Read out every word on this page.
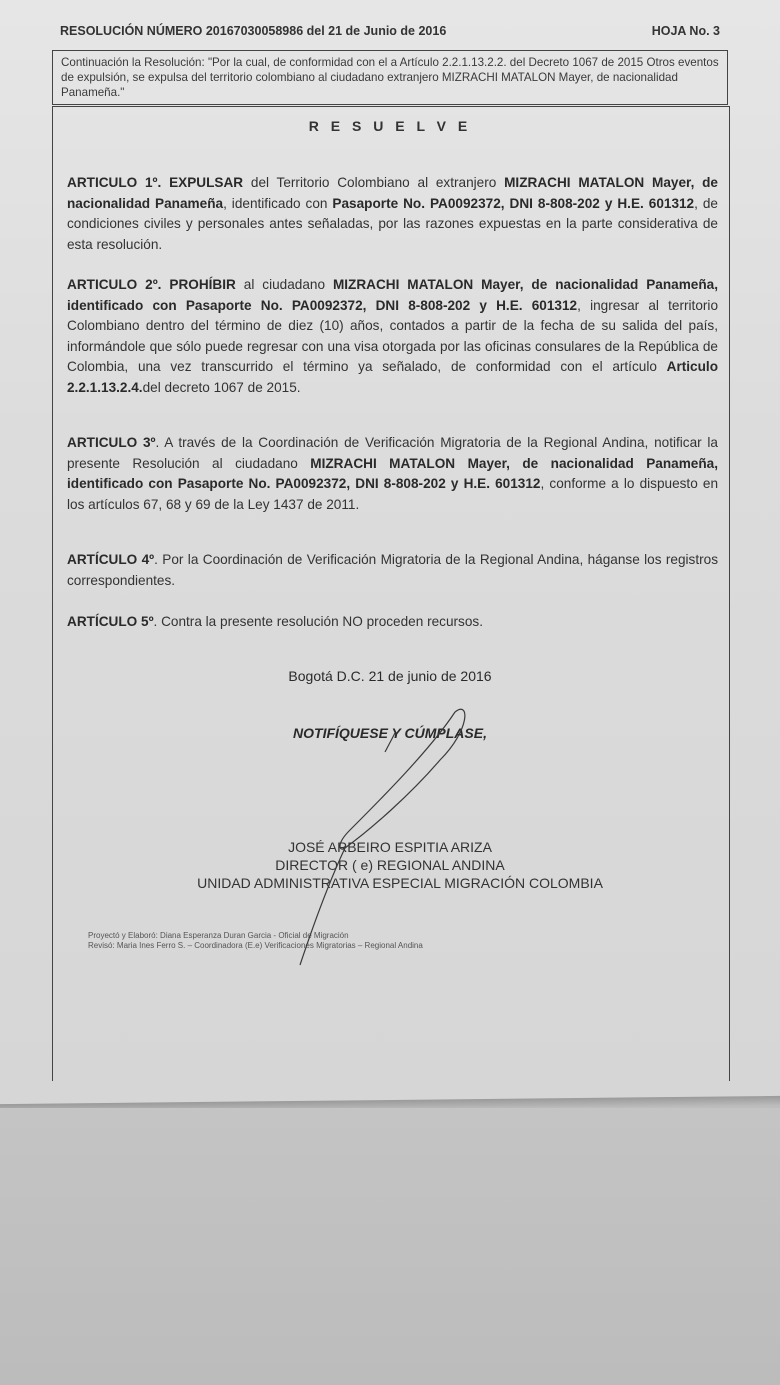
RESOLUCIÓN NÚMERO 20167030058986 del 21 de Junio de 2016	HOJA No. 3
Continuación la Resolución: "Por la cual, de conformidad con el a Artículo 2.2.1.13.2.2. del Decreto 1067 de 2015 Otros eventos de expulsión, se expulsa del territorio colombiano al ciudadano extranjero MIZRACHI MATALON Mayer, de nacionalidad Panameña."
R E S U E L V E
ARTICULO 1º. EXPULSAR del Territorio Colombiano al extranjero MIZRACHI MATALON Mayer, de nacionalidad Panameña, identificado con Pasaporte No. PA0092372, DNI 8-808-202 y H.E. 601312, de condiciones civiles y personales antes señaladas, por las razones expuestas en la parte considerativa de esta resolución.
ARTICULO 2º. PROHÍBIR al ciudadano MIZRACHI MATALON Mayer, de nacionalidad Panameña, identificado con Pasaporte No. PA0092372, DNI 8-808-202 y H.E. 601312, ingresar al territorio Colombiano dentro del término de diez (10) años, contados a partir de la fecha de su salida del país, informándole que sólo puede regresar con una visa otorgada por las oficinas consulares de la República de Colombia, una vez transcurrido el término ya señalado, de conformidad con el artículo Articulo 2.2.1.13.2.4.del decreto 1067 de 2015.
ARTICULO 3º. A través de la Coordinación de Verificación Migratoria de la Regional Andina, notificar la presente Resolución al ciudadano MIZRACHI MATALON Mayer, de nacionalidad Panameña, identificado con Pasaporte No. PA0092372, DNI 8-808-202 y H.E. 601312, conforme a lo dispuesto en los artículos 67, 68 y 69 de la Ley 1437 de 2011.
ARTÍCULO 4º. Por la Coordinación de Verificación Migratoria de la Regional Andina, háganse los registros correspondientes.
ARTÍCULO 5º. Contra la presente resolución NO proceden recursos.
Bogotá D.C. 21 de junio de 2016
NOTIFÍQUESE Y CÚMPLASE,
JOSÉ ARBEIRO ESPITIA ARIZA
DIRECTOR ( e) REGIONAL ANDINA
UNIDAD ADMINISTRATIVA ESPECIAL MIGRACIÓN COLOMBIA
Proyectó y Elaboró: Diana Esperanza Duran Garcia - Oficial de Migración
Revisó: Maria Ines Ferro S. – Coordinadora (E.e) Verificaciones Migratorias – Regional Andina
